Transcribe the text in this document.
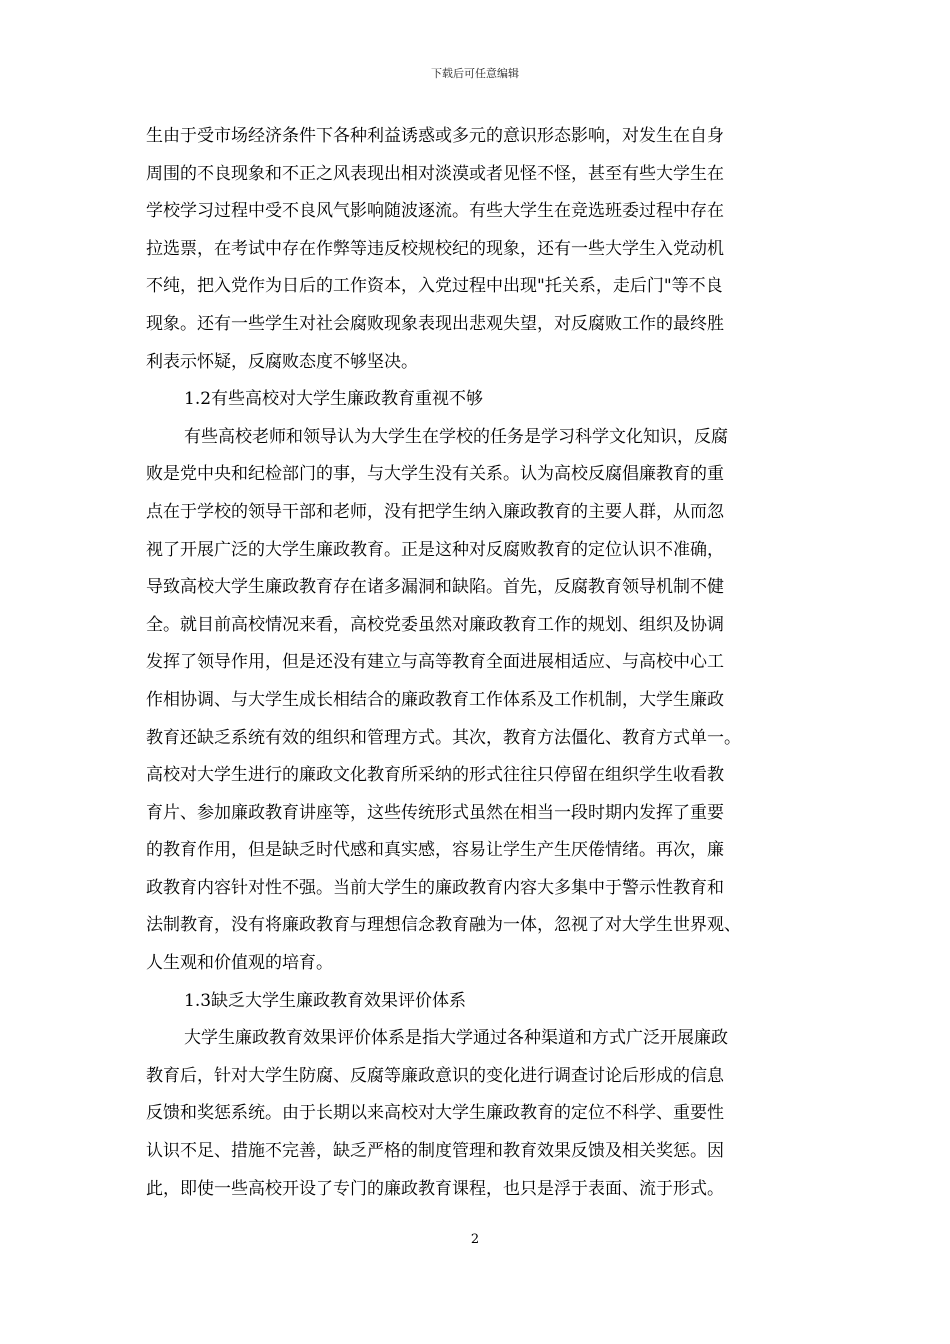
下载后可任意编辑
生由于受市场经济条件下各种利益诱惑或多元的意识形态影响，对发生在自身
周围的不良现象和不正之风表现出相对淡漠或者见怪不怪，甚至有些大学生在
学校学习过程中受不良风气影响随波逐流。有些大学生在竞选班委过程中存在
拉选票，在考试中存在作弊等违反校规校纪的现象，还有一些大学生入党动机
不纯，把入党作为日后的工作资本，入党过程中出现"托关系，走后门"等不良
现象。还有一些学生对社会腐败现象表现出悲观失望，对反腐败工作的最终胜
利表示怀疑，反腐败态度不够坚决。
1.2有些高校对大学生廉政教育重视不够
有些高校老师和领导认为大学生在学校的任务是学习科学文化知识，反腐
败是党中央和纪检部门的事，与大学生没有关系。认为高校反腐倡廉教育的重
点在于学校的领导干部和老师，没有把学生纳入廉政教育的主要人群，从而忽
视了开展广泛的大学生廉政教育。正是这种对反腐败教育的定位认识不准确，
导致高校大学生廉政教育存在诸多漏洞和缺陷。首先，反腐教育领导机制不健
全。就目前高校情况来看，高校党委虽然对廉政教育工作的规划、组织及协调
发挥了领导作用，但是还没有建立与高等教育全面进展相适应、与高校中心工
作相协调、与大学生成长相结合的廉政教育工作体系及工作机制，大学生廉政
教育还缺乏系统有效的组织和管理方式。其次，教育方法僵化、教育方式单一。
高校对大学生进行的廉政文化教育所采纳的形式往往只停留在组织学生收看教
育片、参加廉政教育讲座等，这些传统形式虽然在相当一段时期内发挥了重要
的教育作用，但是缺乏时代感和真实感，容易让学生产生厌倦情绪。再次，廉
政教育内容针对性不强。当前大学生的廉政教育内容大多集中于警示性教育和
法制教育，没有将廉政教育与理想信念教育融为一体，忽视了对大学生世界观、
人生观和价值观的培育。
1.3缺乏大学生廉政教育效果评价体系
大学生廉政教育效果评价体系是指大学通过各种渠道和方式广泛开展廉政
教育后，针对大学生防腐、反腐等廉政意识的变化进行调查讨论后形成的信息
反馈和奖惩系统。由于长期以来高校对大学生廉政教育的定位不科学、重要性
认识不足、措施不完善，缺乏严格的制度管理和教育效果反馈及相关奖惩。因
此，即使一些高校开设了专门的廉政教育课程，也只是浮于表面、流于形式。
2
